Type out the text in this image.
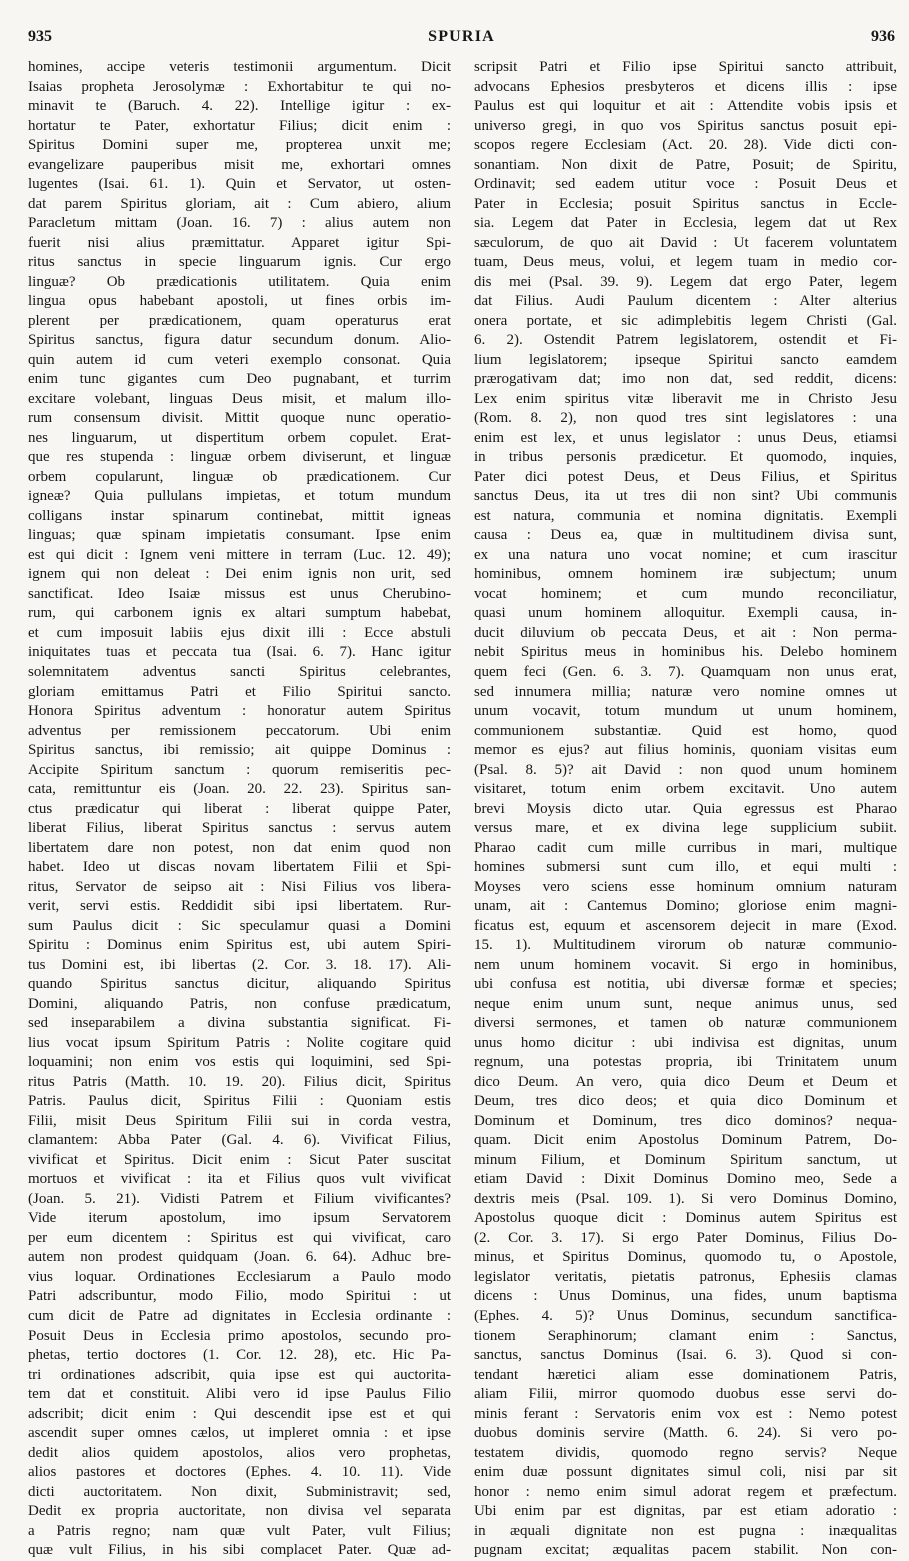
935	SPURIA	936
homines, accipe veteris testimonii argumentum. Dicit
Isaias propheta Jerosolymæ : Exhortabitur te qui no-
minavit te (Baruch. 4. 22). Intellige igitur : ex-
hortatur te Pater, exhortatur Filius; dicit enim :
Spiritus Domini super me, propterea unxit me;
evangelizare pauperibus misit me, exhortari omnes
lugentes (Isai. 61. 1). Quin et Servator, ut osten-
dat parem Spiritus gloriam, ait : Cum abiero, alium
Paracletum mittam (Joan. 16. 7) : alius autem non
fuerit nisi alius præmittatur. Apparet igitur Spi-
ritus sanctus in specie linguarum ignis. Cur ergo
linguæ? Ob prædicationis utilitatem. Quia enim
lingua opus habebant apostoli, ut fines orbis im-
plerent per prædicationem, quam operaturus erat
Spiritus sanctus, figura datur secundum donum. Alio-
quin autem id cum veteri exemplo consonat. Quia
enim tunc gigantes cum Deo pugnabant, et turrim
excitare volebant, linguas Deus misit, et malum illo-
rum consensum divisit. Mittit quoque nunc operatio-
nes linguarum, ut dispertitum orbem copulet. Erat-
que res stupenda : linguæ orbem diviserunt, et linguæ
orbem copularunt, linguæ ob prædicationem. Cur
igneæ? Quia pullulans impietas, et totum mundum
colligans instar spinarum continebat, mittit igneas
linguas; quæ spinam impietatis consumant. Ipse enim
est qui dicit : Ignem veni mittere in terram (Luc. 12. 49);
ignem qui non deleat : Dei enim ignis non urit, sed
sanctificat. Ideo Isaiæ missus est unus Cherubino-
rum, qui carbonem ignis ex altari sumptum habebat,
et cum imposuit labiis ejus dixit illi : Ecce abstuli
iniquitates tuas et peccata tua (Isai. 6. 7). Hanc igitur
solemnitatem adventus sancti Spiritus celebrantes,
gloriam emittamus Patri et Filio Spiritui sancto.
Honora Spiritus adventum : honoratur autem Spiritus
adventus per remissionem peccatorum. Ubi enim
Spiritus sanctus, ibi remissio; ait quippe Dominus :
Accipite Spiritum sanctum : quorum remiseritis pec-
cata, remittuntur eis (Joan. 20. 22. 23). Spiritus san-
ctus prædicatur qui liberat : liberat quippe Pater,
liberat Filius, liberat Spiritus sanctus : servus autem
libertatem dare non potest, non dat enim quod non
habet. Ideo ut discas novam libertatem Filii et Spi-
ritus, Servator de seipso ait : Nisi Filius vos libera-
verit, servi estis. Reddidit sibi ipsi libertatem. Rur-
sum Paulus dicit : Sic speculamur quasi a Domini
Spiritu : Dominus enim Spiritus est, ubi autem Spiri-
tus Domini est, ibi libertas (2. Cor. 3. 18. 17). Ali-
quando Spiritus sanctus dicitur, aliquando Spiritus
Domini, aliquando Patris, non confuse prædicatum,
sed inseparabilem a divina substantia significat. Fi-
lius vocat ipsum Spiritum Patris : Nolite cogitare quid
loquamini; non enim vos estis qui loquimini, sed Spi-
ritus Patris (Matth. 10. 19. 20). Filius dicit, Spiritus
Patris. Paulus dicit, Spiritus Filii : Quoniam estis
Filii, misit Deus Spiritum Filii sui in corda vestra,
clamantem: Abba Pater (Gal. 4. 6). Vivificat Filius,
vivificat et Spiritus. Dicit enim : Sicut Pater suscitat
mortuos et vivificat : ita et Filius quos vult vivificat
(Joan. 5. 21). Vidisti Patrem et Filium vivificantes?
Vide iterum apostolum, imo ipsum Servatorem
per eum dicentem : Spiritus est qui vivificat, caro
autem non prodest quidquam (Joan. 6. 64). Adhuc bre-
vius loquar. Ordinationes Ecclesiarum a Paulo modo
Patri adscribuntur, modo Filio, modo Spiritui : ut
cum dicit de Patre ad dignitates in Ecclesia ordinante :
Posuit Deus in Ecclesia primo apostolos, secundo pro-
phetas, tertio doctores (1. Cor. 12. 28), etc. Hic Pa-
tri ordinationes adscribit, quia ipse est qui auctorita-
tem dat et constituit. Alibi vero id ipse Paulus Filio
adscribit; dicit enim : Qui descendit ipse est et qui
ascendit super omnes cælos, ut impleret omnia : et ipse
dedit alios quidem apostolos, alios vero prophetas,
alios pastores et doctores (Ephes. 4. 10. 11). Vide
dicti auctoritatem. Non dixit, Subministravit; sed,
Dedit ex propria auctoritate, non divisa vel separata
a Patris regno; nam quæ vult Pater, vult Filius;
quæ vult Filius, in his sibi complacet Pater. Quæ ad-
scripsit Patri et Filio ipse Spiritui sancto attribuit,
advocans Ephesios presbyteros et dicens illis : ipse
Paulus est qui loquitur et ait : Attendite vobis ipsis et
universo gregi, in quo vos Spiritus sanctus posuit epi-
scopos regere Ecclesiam (Act. 20. 28). Vide dicti con-
sonantiam. Non dixit de Patre, Posuit; de Spiritu,
Ordinavit; sed eadem utitur voce : Posuit Deus et
Pater in Ecclesia; posuit Spiritus sanctus in Eccle-
sia. Legem dat Pater in Ecclesia, legem dat ut Rex
sæculorum, de quo ait David : Ut facerem voluntatem
tuam, Deus meus, volui, et legem tuam in medio cor-
dis mei (Psal. 39. 9). Legem dat ergo Pater, legem
dat Filius. Audi Paulum dicentem : Alter alterius
onera portate, et sic adimplebitis legem Christi (Gal.
6. 2). Ostendit Patrem legislatorem, ostendit et Fi-
lium legislatorem; ipseque Spiritui sancto eamdem
prærogativam dat; imo non dat, sed reddit, dicens:
Lex enim spiritus vitæ liberavit me in Christo Jesu
(Rom. 8. 2), non quod tres sint legislatores : una
enim est lex, et unus legislator : unus Deus, etiamsi
in tribus personis prædicetur. Et quomodo, inquies,
Pater dici potest Deus, et Deus Filius, et Spiritus
sanctus Deus, ita ut tres dii non sint? Ubi communis
est natura, communia et nomina dignitatis. Exempli
causa : Deus ea, quæ in multitudinem divisa sunt,
ex una natura uno vocat nomine; et cum irascitur
hominibus, omnem hominem iræ subjectum; unum
vocat hominem; et cum mundo reconciliatur,
quasi unum hominem alloquitur. Exempli causa, in-
ducit diluvium ob peccata Deus, et ait : Non perma-
nebit Spiritus meus in hominibus his. Delebo hominem
quem feci (Gen. 6. 3. 7). Quamquam non unus erat,
sed innumera millia; naturæ vero nomine omnes ut
unum vocavit, totum mundum ut unum hominem,
communionem substantiæ. Quid est homo, quod
memor es ejus? aut filius hominis, quoniam visitas eum
(Psal. 8. 5)? ait David : non quod unum hominem
visitaret, totum enim orbem excitavit. Uno autem
brevi Moysis dicto utar. Quia egressus est Pharao
versus mare, et ex divina lege supplicium subiit.
Pharao cadit cum mille curribus in mari, multique
homines submersi sunt cum illo, et equi multi :
Moyses vero sciens esse hominum omnium naturam
unam, ait : Cantemus Domino; gloriose enim magni-
ficatus est, equum et ascensorem dejecit in mare (Exod.
15. 1). Multitudinem virorum ob naturæ communio-
nem unum hominem vocavit. Si ergo in hominibus,
ubi confusa est notitia, ubi diversæ formæ et species;
neque enim unum sunt, neque animus unus, sed
diversi sermones, et tamen ob naturæ communionem
unus homo dicitur : ubi indivisa est dignitas, unum
regnum, una potestas propria, ibi Trinitatem unum
dico Deum. An vero, quia dico Deum et Deum et
Deum, tres dico deos; et quia dico Dominum et
Dominum et Dominum, tres dico dominos? nequa-
quam. Dicit enim Apostolus Dominum Patrem, Do-
minum Filium, et Dominum Spiritum sanctum, ut
etiam David : Dixit Dominus Domino meo, Sede a
dextris meis (Psal. 109. 1). Si vero Dominus Domino,
Apostolus quoque dicit : Dominus autem Spiritus est
(2. Cor. 3. 17). Si ergo Pater Dominus, Filius Do-
minus, et Spiritus Dominus, quomodo tu, o Apostole,
legislator veritatis, pietatis patronus, Ephesiis clamas
dicens : Unus Dominus, una fides, unum baptisma
(Ephes. 4. 5)? Unus Dominus, secundum sanctifica-
tionem Seraphinorum; clamant enim : Sanctus,
sanctus, sanctus Dominus (Isai. 6. 3). Quod si con-
tendant hæretici aliam esse dominationem Patris,
aliam Filii, mirror quomodo duobus esse servi do-
minis ferant : Servatoris enim vox est : Nemo potest
duobus dominis servire (Matth. 6. 24). Si vero po-
testatem dividis, quomodo regno servis? Neque
enim duæ possunt dignitates simul coli, nisi par sit
honor : nemo enim simul adorat regem et præfectum.
Ubi enim par est dignitas, par est etiam adoratio :
in æquali dignitate non est pugna : inæqualitas
pugnam excitat; æqualitas pacem stabilit. Non con-
